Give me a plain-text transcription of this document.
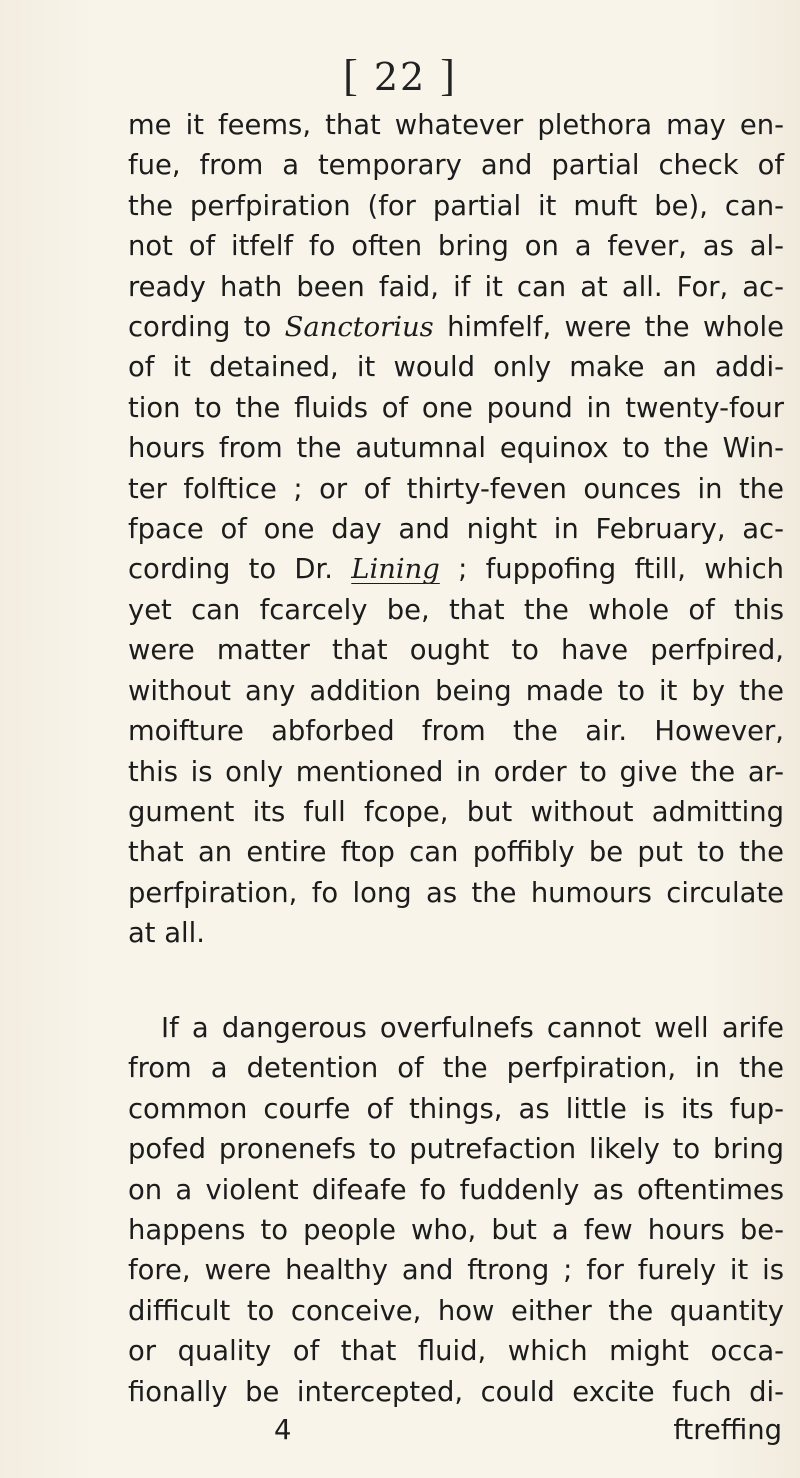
[ 22 ]
me it feems, that whatever plethora may en-
fue, from a temporary and partial check of
the perfpiration (for partial it muft be), can-
not of itfelf fo often bring on a fever, as al-
ready hath been faid, if it can at all. For, ac-
cording to Sanctorius himfelf, were the whole
of it detained, it would only make an addi-
tion to the fluids of one pound in twenty-four
hours from the autumnal equinox to the Win-
ter folftice ; or of thirty-feven ounces in the
fpace of one day and night in February, ac-
cording to Dr. Lining ; fuppofing ftill, which
yet can fcarcely be, that the whole of this
were matter that ought to have perfpired,
without any addition being made to it by the
moifture abforbed from the air. However,
this is only mentioned in order to give the ar-
gument its full fcope, but without admitting
that an entire ftop can poffibly be put to the
perfpiration, fo long as the humours circulate
at all.
If a dangerous overfulnefs cannot well arife
from a detention of the perfpiration, in the
common courfe of things, as little is its fup-
pofed pronenefs to putrefaction likely to bring
on a violent difeafe fo fuddenly as oftentimes
happens to people who, but a few hours be-
fore, were healthy and ftrong ; for furely it is
difficult to conceive, how either the quantity
or quality of that fluid, which might occa-
fionally be intercepted, could excite fuch di-
4	ftreffing
